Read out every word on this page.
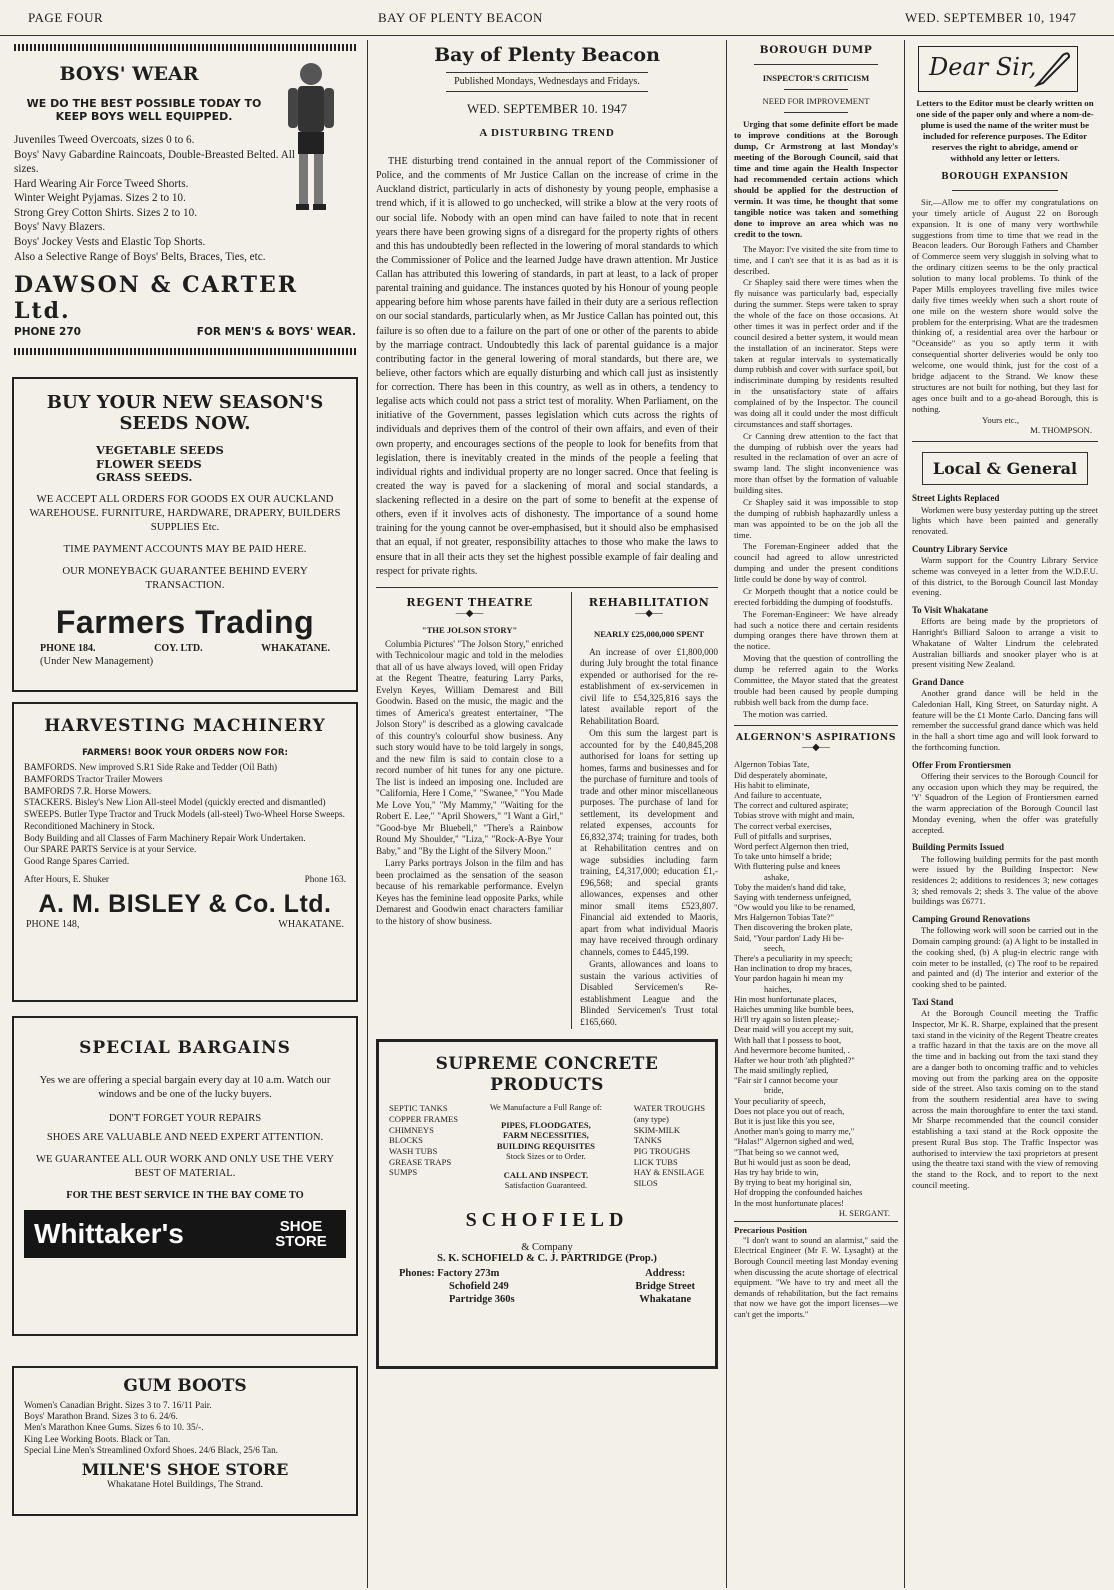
PAGE FOUR	BAY OF PLENTY BEACON	WED. SEPTEMBER 10, 1947
BOYS' WEAR
WE DO THE BEST POSSIBLE TODAY TO KEEP BOYS WELL EQUIPPED.
Juveniles Tweed Overcoats, sizes 0 to 6.
Boys' Navy Gabardine Raincoats, Double-Breasted Belted. All sizes.
Hard Wearing Air Force Tweed Shorts.
Winter Weight Pyjamas. Sizes 2 to 10.
Strong Grey Cotton Shirts. Sizes 2 to 10.
Boys' Navy Blazers.
Boys' Jockey Vests and Elastic Top Shorts.
Also a Selective Range of Boys' Belts, Braces, Ties, etc.
DAWSON & CARTER Ltd.
PHONE 270	FOR MEN'S & BOYS' WEAR.
BUY YOUR NEW SEASON'S SEEDS NOW.
VEGETABLE SEEDS
FLOWER SEEDS
GRASS SEEDS.

WE ACCEPT ALL ORDERS FOR GOODS EX OUR AUCKLAND WAREHOUSE. FURNITURE, HARDWARE, DRAPERY, BUILDERS SUPPLIES Etc.

TIME PAYMENT ACCOUNTS MAY BE PAID HERE.

OUR MONEYBACK GUARANTEE BEHIND EVERY TRANSACTION.

Farmers Trading
PHONE 184.	COY. LTD.	WHAKATANE.
(Under New Management)
HARVESTING MACHINERY
FARMERS! BOOK YOUR ORDERS NOW FOR:
BAMFORDS. New improved S.R1 Side Rake and Tedder (Oil Bath)
BAMFORDS Tractor Trailer Mowers
BAMFORDS 7.R. Horse Mowers.
STACKERS. Bisley's New Lion All-steel Model (quickly erected and dismantled)
SWEEPS. Butler Type Tractor and Truck Models (all-steel) Two-Wheel Horse Sweeps.
Reconditioned Machinery in Stock.
Body Building and all Classes of Farm Machinery Repair Work Undertaken.
Our SPARE PARTS Service is at your Service.
Good Range Spares Carried.
After Hours, E. Shuker	Phone 163.
A. M. BISLEY & Co. Ltd.
PHONE 148,	WHAKATANE.
SPECIAL BARGAINS

Yes we are offering a special bargain every day at 10 a.m. Watch our windows and be one of the lucky buyers.

DON'T FORGET YOUR REPAIRS

SHOES ARE VALUABLE AND NEED EXPERT ATTENTION.

WE GUARANTEE ALL OUR WORK AND ONLY USE THE VERY BEST OF MATERIAL.

FOR THE BEST SERVICE IN THE BAY COME TO

Whittaker's	SHOE STORE
GUM BOOTS
Women's Canadian Bright. Sizes 3 to 7. 16/11 Pair.
Boys' Marathon Brand. Sizes 3 to 6. 24/6.
Men's Marathon Knee Gums. Sizes 6 to 10. 35/-.
King Lee Working Boots. Black or Tan.
Special Line Men's Streamlined Oxford Shoes. 24/6 Black, 25/6 Tan.
MILNE'S SHOE STORE
Whakatane Hotel Buildings, The Strand.
Bay of Plenty Beacon
Published Mondays, Wednesdays and Fridays.
WED. SEPTEMBER 10. 1947
A DISTURBING TREND

THE disturbing trend contained in the annual report of the Commissioner of Police, and the comments of Mr Justice Callan on the increase of crime in the Auckland district, particularly in acts of dishonesty by young people, emphasise a trend which, if it is allowed to go unchecked, will strike a blow at the very roots of our social life. Nobody with an open mind can have failed to note that in recent years there have been growing signs of a disregard for the property rights of others and this has undoubtedly been reflected in the lowering of moral standards to which the Commissioner of Police and the learned Judge have drawn attention. Mr Justice Callan has attributed this lowering of standards, in part at least, to a lack of proper parental training and guidance. The instances quoted by his Honour of young people appearing before him whose parents have failed in their duty are a serious reflection on our social standards, particularly when, as Mr Justice Callan has pointed out, this failure is so often due to a failure on the part of one or other of the parents to abide by the marriage contract. Undoubtedly this lack of parental guidance is a major contributing factor in the general lowering of moral standards, but there are, we believe, other factors which are equally disturbing and which call just as insistently for correction. There has been in this country, as well as in others, a tendency to legalise acts which could not pass a strict test of morality. When Parliament, on the initiative of the Government, passes legislation which cuts across the rights of individuals and deprives them of the control of their own affairs, and even of their own property, and encourages sections of the people to look for benefits from that legislation, there is inevitably created in the minds of the people a feeling that individual rights and individual property are no longer sacred. Once that feeling is created the way is paved for a slackening of moral and social standards, a slackening reflected in a desire on the part of some to benefit at the expense of others, even if it involves acts of dishonesty. The importance of a sound home training for the young cannot be over-emphasised, but it should also be emphasised that an equal, if not greater, responsibility attaches to those who make the laws to ensure that in all their acts they set the highest possible example of fair dealing and respect for private rights.

REGENT THEATRE
—◆—
"THE JOLSON STORY"

Columbia Pictures' "The Jolson Story," enriched with Technicolour magic and told in the melodies that all of us have always loved, will open Friday at the Regent Theatre, featuring Larry Parks, Evelyn Keyes, William Demarest and Bill Goodwin. Based on the music, the magic and the times of America's greatest entertainer, "The Jolson Story" is described as a glowing cavalcade of this country's colourful show business. Any such story would have to be told largely in songs, and the new film is said to contain close to a record number of hit tunes for any one picture. The list is indeed an imposing one. Included are "California, Here I Come," "Swanee," "You Made Me Love You," "My Mammy," "Waiting for the Robert E. Lee," "April Showers," "I Want a Girl," "Good-bye Mr Bluebell," "There's a Rainbow Round My Shoulder," "Liza," "Rock-A-Bye Your Baby," and "By the Light of the Silvery Moon."

Larry Parks portrays Jolson in the film and has been proclaimed as the sensation of the season because of his remarkable performance. Evelyn Keyes has the feminine lead opposite Parks, while Demarest and Goodwin enact characters familiar to the history of show business.

REHABILITATION
—◆—
NEARLY £25,000,000 SPENT

An increase of over £1,800,000 during July brought the total finance expended or authorised for the re-establishment of ex-servicemen in civil life to £54,325,816 says the latest available report of the Rehabilitation Board.

Om this sum the largest part is accounted for by the £40,845,208 authorised for loans for setting up homes, farms and businesses and for the purchase of furniture and tools of trade and other minor miscellaneous purposes. The purchase of land for settlement, its development and related expenses, accounts for £6,832,374; training for trades, both at Rehabilitation centres and on wage subsidies including farm training, £4,317,000; education £1,-£96,568; and special grants allowances, expenses and other minor small items £523,807. Financial aid extended to Maoris, apart from what individual Maoris may have received through ordinary channels, comes to £445,199.

Grants, allowances and loans to sustain the various activities of Disabled Servicemen's Re-establishment League and the Blinded Servicemen's Trust total £165,660.

SUPREME CONCRETE PRODUCTS
SEPTIC TANKS
COPPER FRAMES
CHIMNEYS
BLOCKS
WASH TUBS
GREASE TRAPS
SUMPS
We Manufacture a Full Range of:
PIPES, FLOODGATES,
FARM NECESSITIES,
BUILDING REQUISITES
Stock Sizes or to Order.
CALL AND INSPECT.
Satisfaction Guaranteed.
WATER TROUGHS
(any type)
SKIM-MILK
TANKS
PIG TROUGHS
LICK TUBS
HAY & ENSILAGE
SILOS
SCHOFIELD
& Company
S. K. SCHOFIELD & C. J. PARTRIDGE (Prop.)
Phones: Factory 273m
Schofield 249
Partridge 360s
Address:
Bridge Street
Whakatane
BOROUGH DUMP
INSPECTOR'S CRITICISM
NEED FOR IMPROVEMENT

Urging that some definite effort be made to improve conditions at the Borough dump, Cr Armstrong at last Monday's meeting of the Borough Council, said that time and time again the Health Inspector had recommended certain actions which should be applied for the destruction of vermin. It was time, he thought that some tangible notice was taken and something done to improve an area which was no credit to the town.

The Mayor: I've visited the site from time to time, and I can't see that it is as bad as it is described.

Cr Shapley said there were times when the fly nuisance was particularly bad, especially during the summer. Steps were taken to spray the whole of the face on those occasions. At other times it was in perfect order and if the council desired a better system, it would mean the installation of an incinerator. Steps were taken at regular intervals to systematically dump rubbish and cover with surface spoil, but indiscriminate dumping by residents resulted in the unsatisfactory state of affairs complained of by the Inspector. The council was doing all it could under the most difficult circumstances and staff shortages.

Cr Canning drew attention to the fact that the dumping of rubbish over the years had resulted in the reclamation of over an acre of swamp land. The slight inconvenience was more than offset by the formation of valuable building sites.

Cr Shapley said it was impossible to stop the dumping of rubbish haphazardly unless a man was appointed to be on the job all the time.

The Foreman-Engineer added that the council had agreed to allow unrestricted dumping and under the present conditions little could be done by way of control.

Cr Morpeth thought that a notice could be erected forbidding the dumping of foodstuffs.

The Foreman-Engineer: We have already had such a notice there and certain residents dumping oranges there have thrown them at the notice.

Moving that the question of controlling the dump be referred again to the Works Committee, the Mayor stated that the greatest trouble had been caused by people dumping rubbish well back from the dump face.

The motion was carried.

ALGERNON'S ASPIRATIONS
—◆—
Algernon Tobias Tate,
Did desperately abominate,
His habit to eliminate,
And failure to accentuate,
The correct and cultured aspirate;
Tobias strove with might and main,
The correct verbal exercises,
Full of pitfalls and surprises,
Word perfect Algernon then tried,
To take unto himself a bride;
With fluttering pulse and knees
ashake,
Toby the maiden's hand did take,
Saying with tenderness unfeigned,
"Ow would you like to be renamed,
Mrs Halgernon Tobias Tate?"
Then discovering the broken plate,
Said, "Your pardon' Lady Hi be-
seech,
There's a peculiarity in my speech;
Han inclination to drop my braces,
Your pardon hagain hi mean my
haiches,
Hin most hunfortunate places,
Haiches umming like bumble bees,
Hi'll try again so listen please;-
Dear maid will you accept my suit,
With hall that I possess to boot,
And hevermore become hunited, .
Hafter we hour troth 'ath plighted?"
The maid smilingly replied,
"Fair sir I cannot become your
bride,
Your peculiarity of speech,
Does not place you out of reach,
But it is just like this you see,
Another man's going to marry me,"
"Halas!" Algernon sighed and wed,
"That being so we cannot wed,
But hi would just as soon be dead,
Has try hay bride to win,
By trying to beat my horiginal sin,
Hof dropping the confounded haiches
In the most hunfortunate places!
H. SERGANT.
Precarious Position

"I don't want to sound an alarmist," said the Electrical Engineer (Mr F. W. Lysaght) at the Borough Council meeting last Monday evening when discussing the acute shortage of electrical equipment. "We have to try and meet all the demands of rehabilitation, but the fact remains that now we have got the import licenses—we can't get the imports."

Dear Sir,
Letters to the Editor must be clearly written on one side of the paper only and where a nom-de-plume is used the name of the writer must be included for reference purposes. The Editor reserves the right to abridge, amend or withhold any letter or letters.
BOROUGH EXPANSION

Sir,—Allow me to offer my congratulations on your timely article of August 22 on Borough expansion. It is one of many very worthwhile suggestions from time to time that we read in the Beacon leaders. Our Borough Fathers and Chamber of Commerce seem very sluggish in solving what to the ordinary citizen seems to be the only practical solution to many local problems. To think of the Paper Mills employees travelling five miles twice daily five times weekly when such a short route of one mile on the western shore would solve the problem for the enterprising. What are the tradesmen thinking of, a residential area over the harbour or "Oceanside" as you so aptly term it with consequential shorter deliveries would be only too welcome, one would think, just for the cost of a bridge adjacent to the Strand. We know these structures are not built for nothing, but they last for ages once built and to a go-ahead Borough, this is nothing.

Yours etc.,
M. THOMPSON.
Local & General
Street Lights Replaced

Workmen were busy yesterday putting up the street lights which have been painted and generally renovated.

Country Library Service

Warm support for the Country Library Service scheme was conveyed in a letter from the W.D.F.U. of this district, to the Borough Council last Monday evening.

To Visit Whakatane

Efforts are being made by the proprietors of Hanright's Billiard Saloon to arrange a visit to Whakatane of Walter Lindrum the celebrated Australian billiards and snooker player who is at present visiting New Zealand.

Grand Dance

Another grand dance will be held in the Caledonian Hall, King Street, on Saturday night. A feature will be the £1 Monte Carlo. Dancing fans will remember the successful grand dance which was held in the hall a short time ago and will look forward to the forthcoming function.

Offer From Frontiersmen

Offering their services to the Borough Council for any occasion upon which they may be required, the 'Y' Squadron of the Legion of Frontiersmen earned the warm appreciation of the Borough Council last Monday evening, when the offer was gratefully accepted.

Building Permits Issued

The following building permits for the past month were issued by the Building Inspector: New residences 2; additions to residences 3; new cottages 3; shed removals 2; sheds 3. The value of the above buildings was £6771.

Camping Ground Renovations

The following work will soon be carried out in the Domain camping ground: (a) A light to be installed in the cooking shed, (b) A plug-in electric range with coin meter to be installed, (c) The roof to be repaired and painted and (d) The interior and exterior of the cooking shed to be painted.

Taxi Stand

At the Borough Council meeting the Traffic Inspector, Mr K. R. Sharpe, explained that the present taxi stand in the vicinity of the Regent Theatre creates a traffic hazard in that the taxis are on the move all the time and in backing out from the taxi stand they are a danger both to oncoming traffic and to vehicles moving out from the parking area on the opposite side of the street. Also taxis coming on to the stand from the southern residential area have to swing across the main thoroughfare to enter the taxi stand. Mr Sharpe recommended that the council consider establishing a taxi stand at the Rock opposite the present Rural Bus stop. The Traffic Inspector was authorised to interview the taxi proprietors at present using the theatre taxi stand with the view of removing the stand to the Rock, and to report to the next council meeting.
